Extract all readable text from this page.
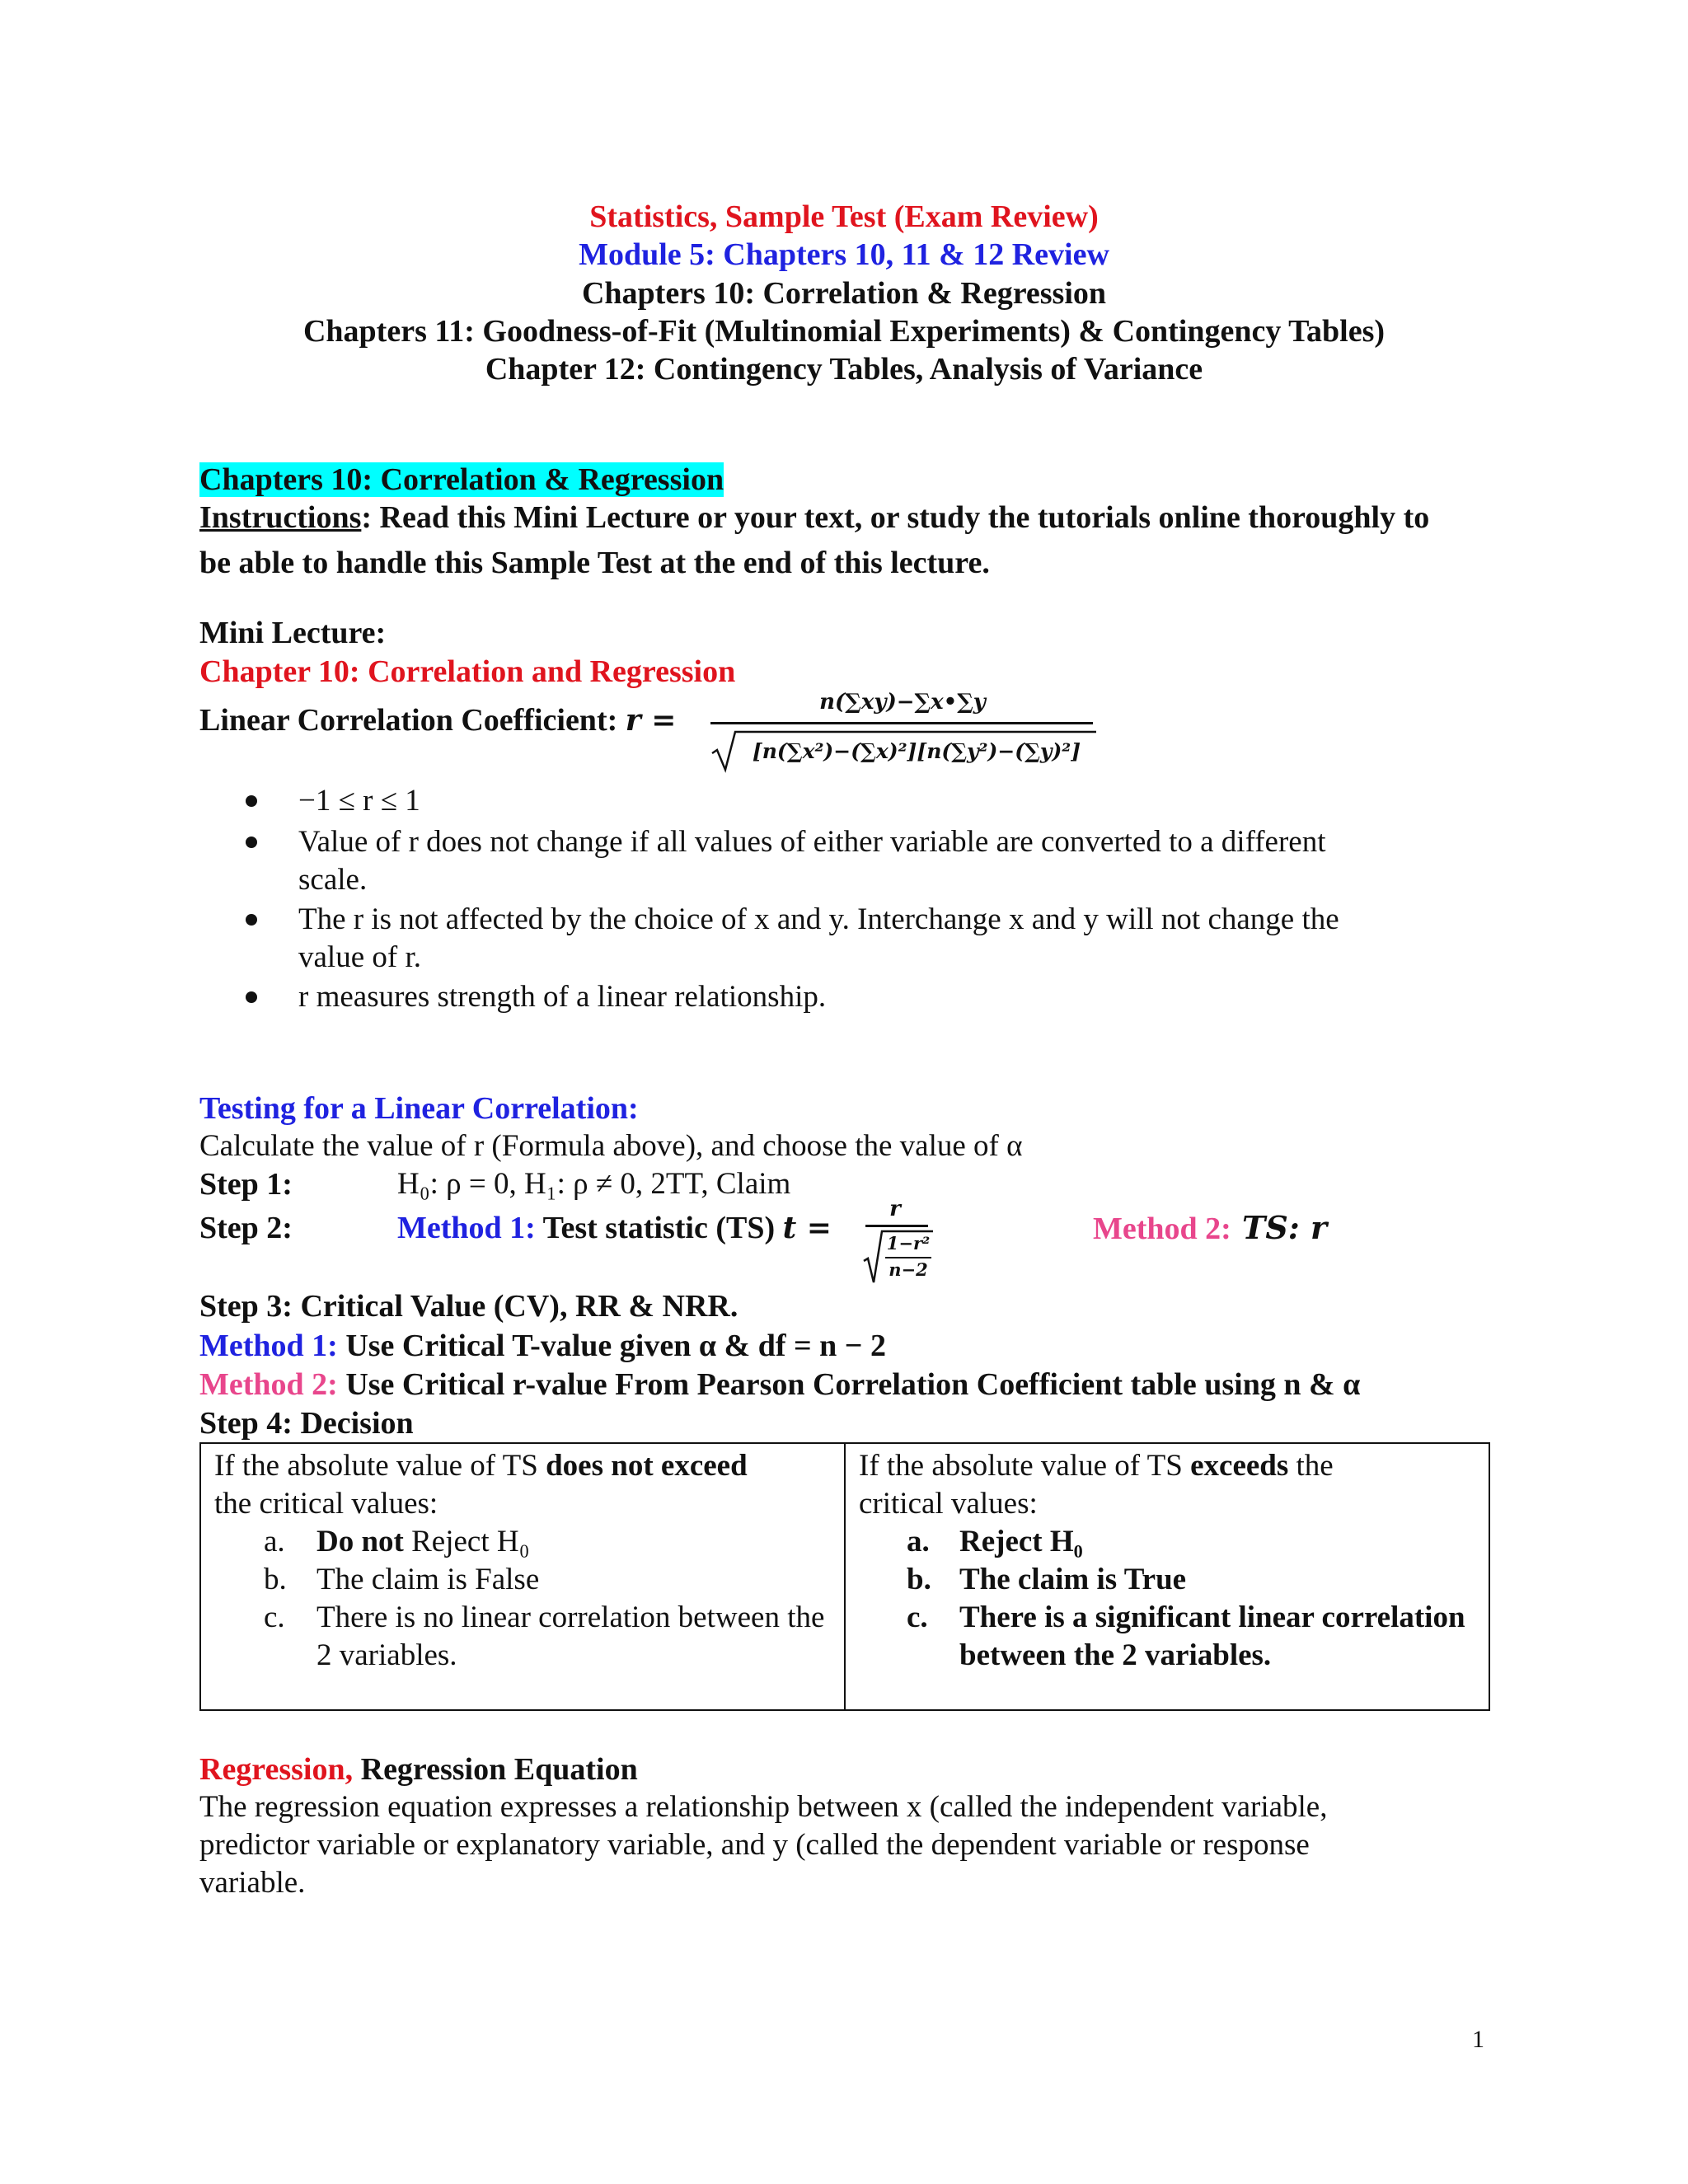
Statistics, Sample Test (Exam Review)
Module 5: Chapters 10, 11 & 12 Review
Chapters 10: Correlation & Regression
Chapters 11: Goodness-of-Fit (Multinomial Experiments) & Contingency Tables)
Chapter 12: Contingency Tables, Analysis of Variance
Chapters 10: Correlation & Regression
Instructions: Read this Mini Lecture or your text, or study the tutorials online thoroughly to
be able to handle this Sample Test at the end of this lecture.
Mini Lecture:
Chapter 10: Correlation and Regression
Linear Correlation Coefficient: r =
n(∑xy)−∑x•∑y
[n(∑x²)−(∑x)²][n(∑y²)−(∑y)²]
−1 ≤ r ≤ 1
Value of r does not change if all values of either variable are converted to a different
scale.
The r is not affected by the choice of x and y. Interchange x and y will not change the
value of r.
r measures strength of a linear relationship.
Testing for a Linear Correlation:
Calculate the value of r (Formula above), and choose the value of α
Step 1:	H₀: ρ = 0, H₁: ρ ≠ 0, 2TT, Claim
Step 2:	Method 1: Test statistic (TS) t =
r
1−r²
n−2
Method 2: TS: r
Step 3: Critical Value (CV), RR & NRR.
Method 1: Use Critical T-value given α & df = n − 2
Method 2: Use Critical r-value From Pearson Correlation Coefficient table using n & α
Step 4: Decision
If the absolute value of TS does not exceed
the critical values:
a.	Do not Reject H₀
b. The claim is False
c.	There is no linear correlation between the 2 variables.

If the absolute value of TS exceeds the
critical values:
a. Reject H₀
b. The claim is True
c.	There is a significant linear correlation between the 2 variables.
Regression, Regression Equation
The regression equation expresses a relationship between x (called the independent variable,
predictor variable or explanatory variable, and y (called the dependent variable or response
variable.
1
